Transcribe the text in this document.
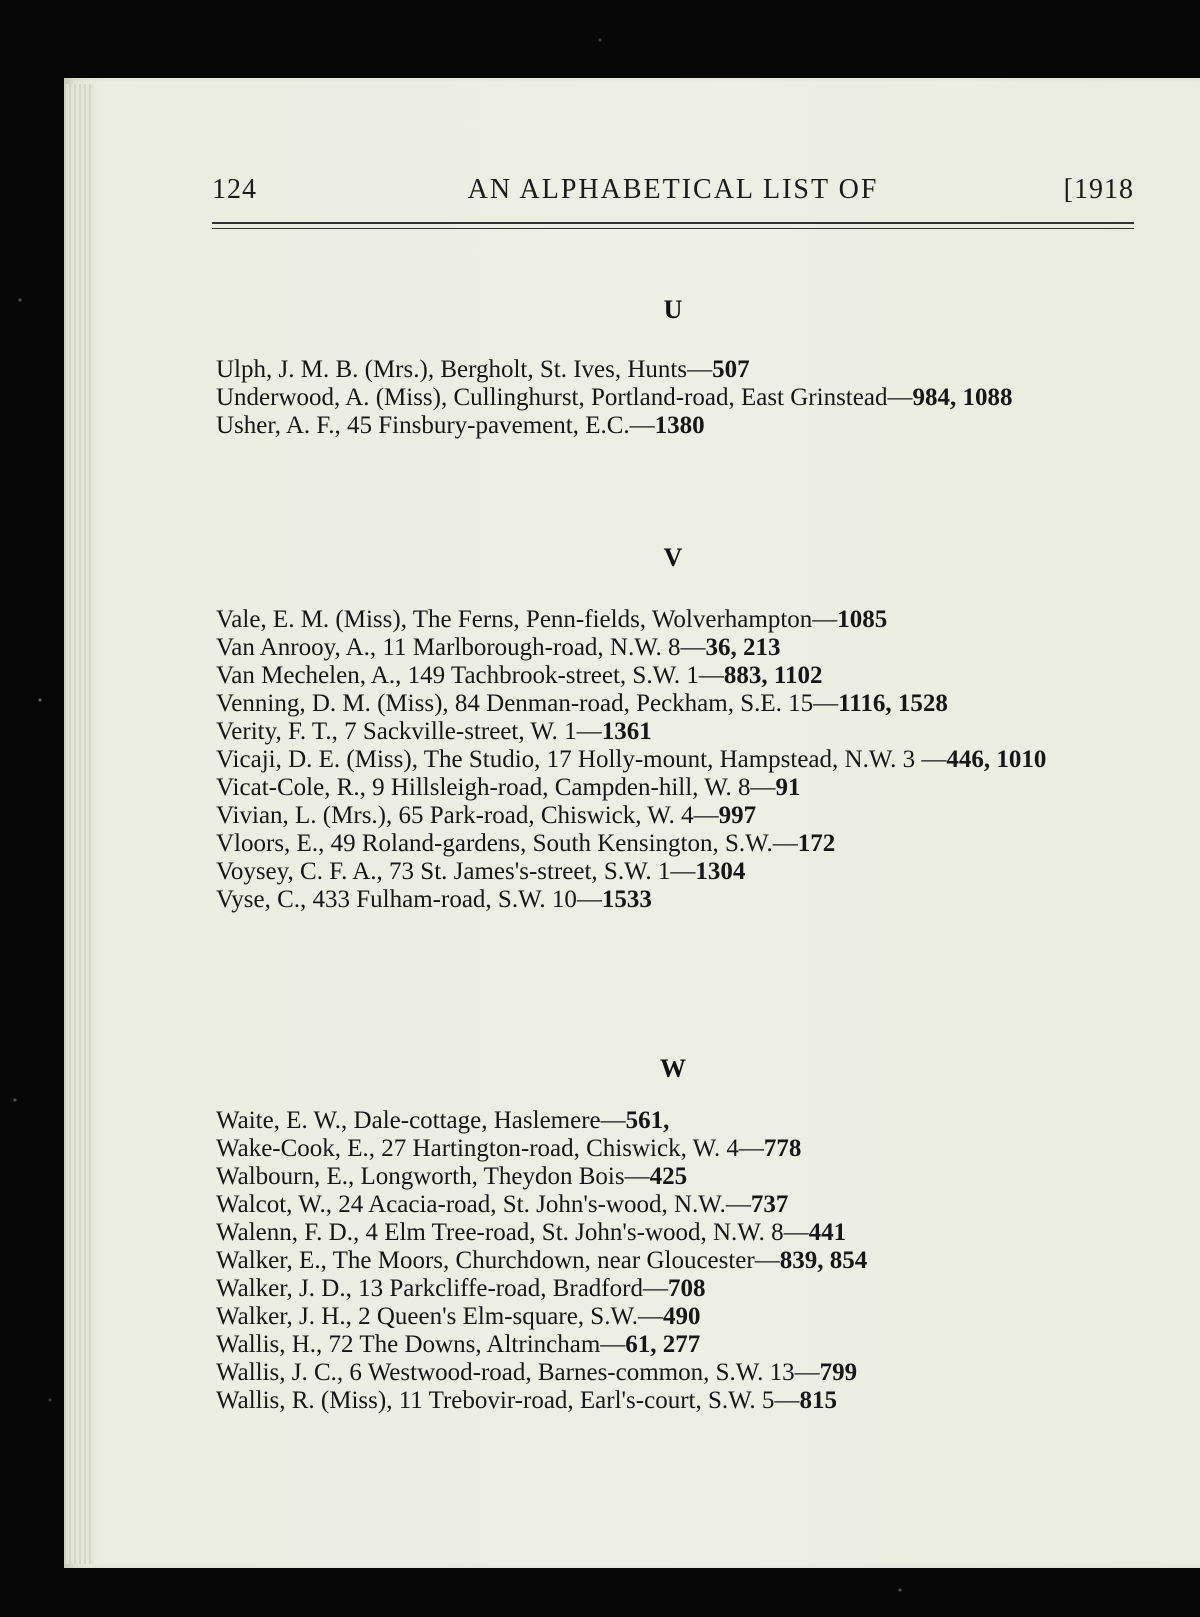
124	AN ALPHABETICAL LIST OF	[1918
U
Ulph, J. M. B. (Mrs.), Bergholt, St. Ives, Hunts—507
Underwood, A. (Miss), Cullinghurst, Portland-road, East Grinstead—984, 1088
Usher, A. F., 45 Finsbury-pavement, E.C.—1380
V
Vale, E. M. (Miss), The Ferns, Penn-fields, Wolverhampton—1085
Van Anrooy, A., 11 Marlborough-road, N.W. 8—36, 213
Van Mechelen, A., 149 Tachbrook-street, S.W. 1—883, 1102
Venning, D. M. (Miss), 84 Denman-road, Peckham, S.E. 15—1116, 1528
Verity, F. T., 7 Sackville-street, W. 1—1361
Vicaji, D. E. (Miss), The Studio, 17 Holly-mount, Hampstead, N.W. 3 —446, 1010
Vicat-Cole, R., 9 Hillsleigh-road, Campden-hill, W. 8—91
Vivian, L. (Mrs.), 65 Park-road, Chiswick, W. 4—997
Vloors, E., 49 Roland-gardens, South Kensington, S.W.—172
Voysey, C. F. A., 73 St. James's-street, S.W. 1—1304
Vyse, C., 433 Fulham-road, S.W. 10—1533
W
Waite, E. W., Dale-cottage, Haslemere—561,
Wake-Cook, E., 27 Hartington-road, Chiswick, W. 4—778
Walbourn, E., Longworth, Theydon Bois—425
Walcot, W., 24 Acacia-road, St. John's-wood, N.W.—737
Walenn, F. D., 4 Elm Tree-road, St. John's-wood, N.W. 8—441
Walker, E., The Moors, Churchdown, near Gloucester—839, 854
Walker, J. D., 13 Parkcliffe-road, Bradford—708
Walker, J. H., 2 Queen's Elm-square, S.W.—490
Wallis, H., 72 The Downs, Altrincham—61, 277
Wallis, J. C., 6 Westwood-road, Barnes-common, S.W. 13—799
Wallis, R. (Miss), 11 Trebovir-road, Earl's-court, S.W. 5—815
